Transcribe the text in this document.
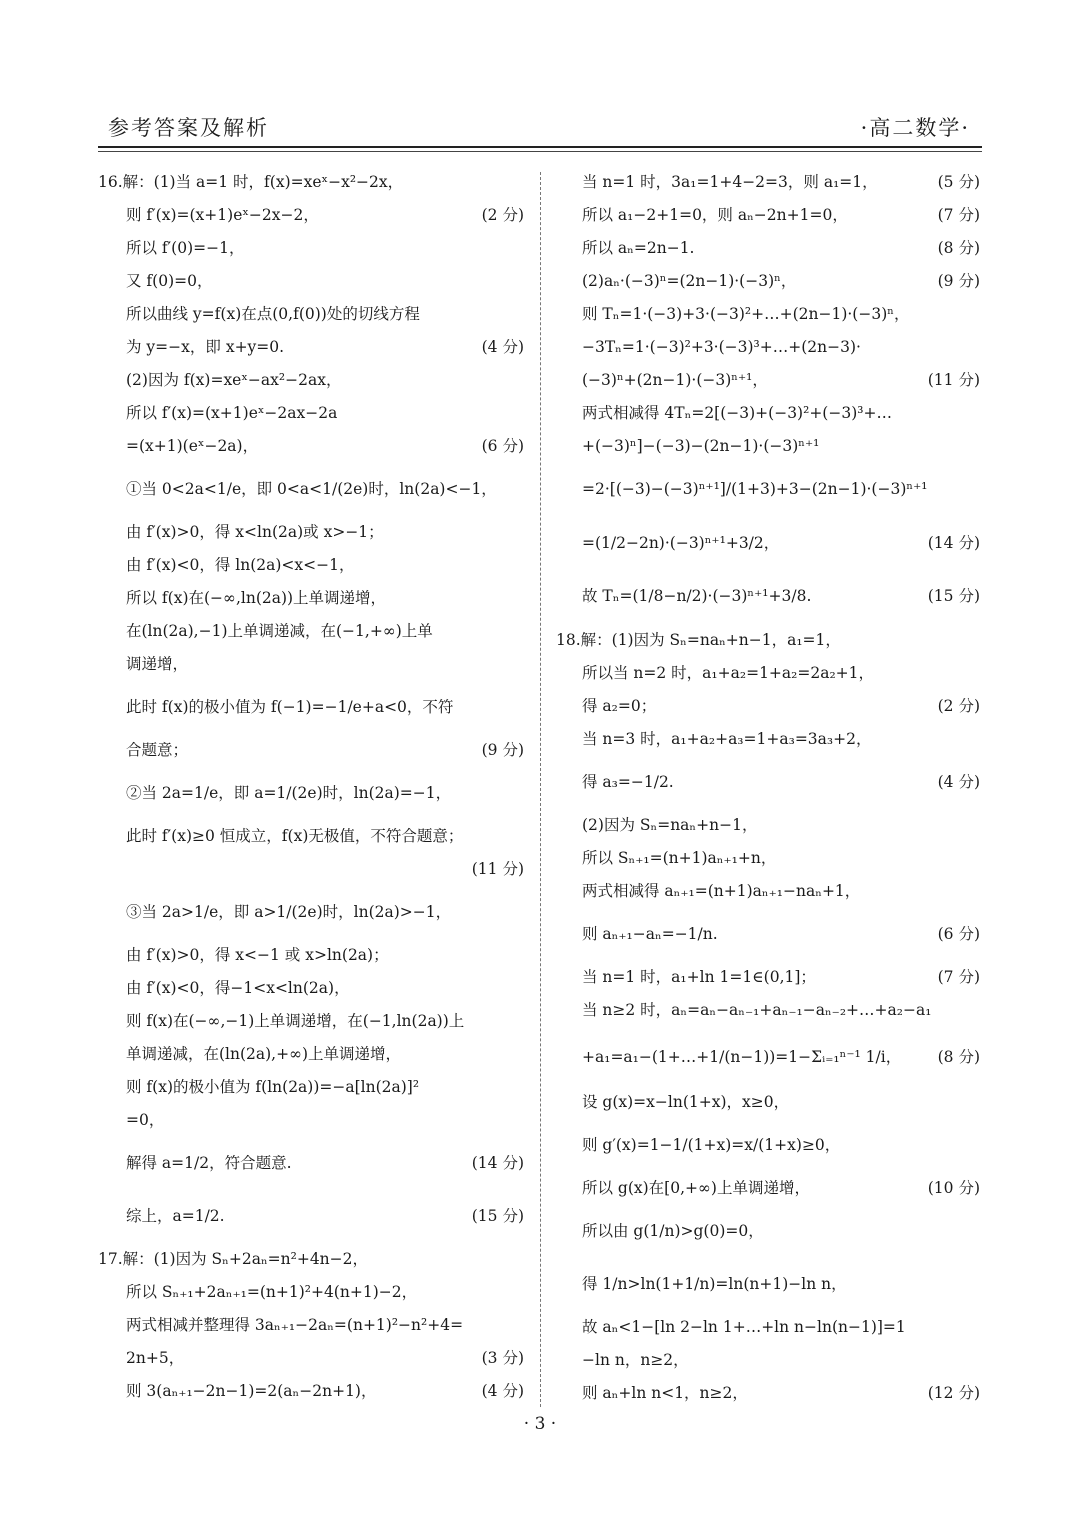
参考答案及解析	·高二数学·
16.解：(1)当 a=1 时，f(x)=xeˣ−x²−2x，
则 f′(x)=(x+1)eˣ−2x−2，	(2 分)
所以 f′(0)=−1，
又 f(0)=0，
所以曲线 y=f(x)在点(0,f(0))处的切线方程
为 y=−x，即 x+y=0.	(4 分)
(2)因为 f(x)=xeˣ−ax²−2ax，
所以 f′(x)=(x+1)eˣ−2ax−2a
=(x+1)(eˣ−2a)，	(6 分)
①当 0<2a<1/e，即 0<a<1/(2e)时，ln(2a)<−1，
由 f′(x)>0，得 x<ln(2a)或 x>−1；
由 f′(x)<0，得 ln(2a)<x<−1，
所以 f(x)在(−∞,ln(2a))上单调递增，
在(ln(2a),−1)上单调递减，在(−1,+∞)上单
调递增，
此时 f(x)的极小值为 f(−1)=−1/e+a<0，不符
合题意；	(9 分)
②当 2a=1/e，即 a=1/(2e)时，ln(2a)=−1，
此时 f′(x)≥0 恒成立，f(x)无极值，不符合题意；
(11 分)
③当 2a>1/e，即 a>1/(2e)时，ln(2a)>−1，
由 f′(x)>0，得 x<−1 或 x>ln(2a)；
由 f′(x)<0，得−1<x<ln(2a)，
则 f(x)在(−∞,−1)上单调递增，在(−1,ln(2a))上
单调递减，在(ln(2a),+∞)上单调递增，
则 f(x)的极小值为 f(ln(2a))=−a[ln(2a)]²
=0，
解得 a=1/2，符合题意.	(14 分)
综上，a=1/2.	(15 分)
17.解：(1)因为 Sₙ+2aₙ=n²+4n−2，
所以 Sₙ₊₁+2aₙ₊₁=(n+1)²+4(n+1)−2，
两式相减并整理得 3aₙ₊₁−2aₙ=(n+1)²−n²+4=
2n+5，	(3 分)
则 3(aₙ₊₁−2n−1)=2(aₙ−2n+1)，	(4 分)
当 n=1 时，3a₁=1+4−2=3，则 a₁=1，	(5 分)
所以 a₁−2+1=0，则 aₙ−2n+1=0，	(7 分)
所以 aₙ=2n−1.	(8 分)
(2)aₙ·(−3)ⁿ=(2n−1)·(−3)ⁿ，	(9 分)
则 Tₙ=1·(−3)+3·(−3)²+…+(2n−1)·(−3)ⁿ，
−3Tₙ=1·(−3)²+3·(−3)³+…+(2n−3)·
(−3)ⁿ+(2n−1)·(−3)ⁿ⁺¹，	(11 分)
两式相减得 4Tₙ=2[(−3)+(−3)²+(−3)³+…
+(−3)ⁿ]−(−3)−(2n−1)·(−3)ⁿ⁺¹
=2·[(−3)−(−3)ⁿ⁺¹]/(1+3)+3−(2n−1)·(−3)ⁿ⁺¹
=(1/2−2n)·(−3)ⁿ⁺¹+3/2，	(14 分)
故 Tₙ=(1/8−n/2)·(−3)ⁿ⁺¹+3/8.	(15 分)
18.解：(1)因为 Sₙ=naₙ+n−1，a₁=1，
所以当 n=2 时，a₁+a₂=1+a₂=2a₂+1，
得 a₂=0；	(2 分)
当 n=3 时，a₁+a₂+a₃=1+a₃=3a₃+2，
得 a₃=−1/2.	(4 分)
(2)因为 Sₙ=naₙ+n−1，
所以 Sₙ₊₁=(n+1)aₙ₊₁+n，
两式相减得 aₙ₊₁=(n+1)aₙ₊₁−naₙ+1，
则 aₙ₊₁−aₙ=−1/n.	(6 分)
当 n=1 时，a₁+ln 1=1∈(0,1]；	(7 分)
当 n≥2 时，aₙ=aₙ−aₙ₋₁+aₙ₋₁−aₙ₋₂+…+a₂−a₁
+a₁=a₁−(1+…+1/(n−1))=1−Σᵢ₌₁ⁿ⁻¹ 1/i， (8 分)
设 g(x)=x−ln(1+x)，x≥0，
则 g′(x)=1−1/(1+x)=x/(1+x)≥0，
所以 g(x)在[0,+∞)上单调递增，	(10 分)
所以由 g(1/n)>g(0)=0，
得 1/n>ln(1+1/n)=ln(n+1)−ln n，
故 aₙ<1−[ln 2−ln 1+…+ln n−ln(n−1)]=1
−ln n，n≥2，
则 aₙ+ln n<1，n≥2，	(12 分)
· 3 ·
